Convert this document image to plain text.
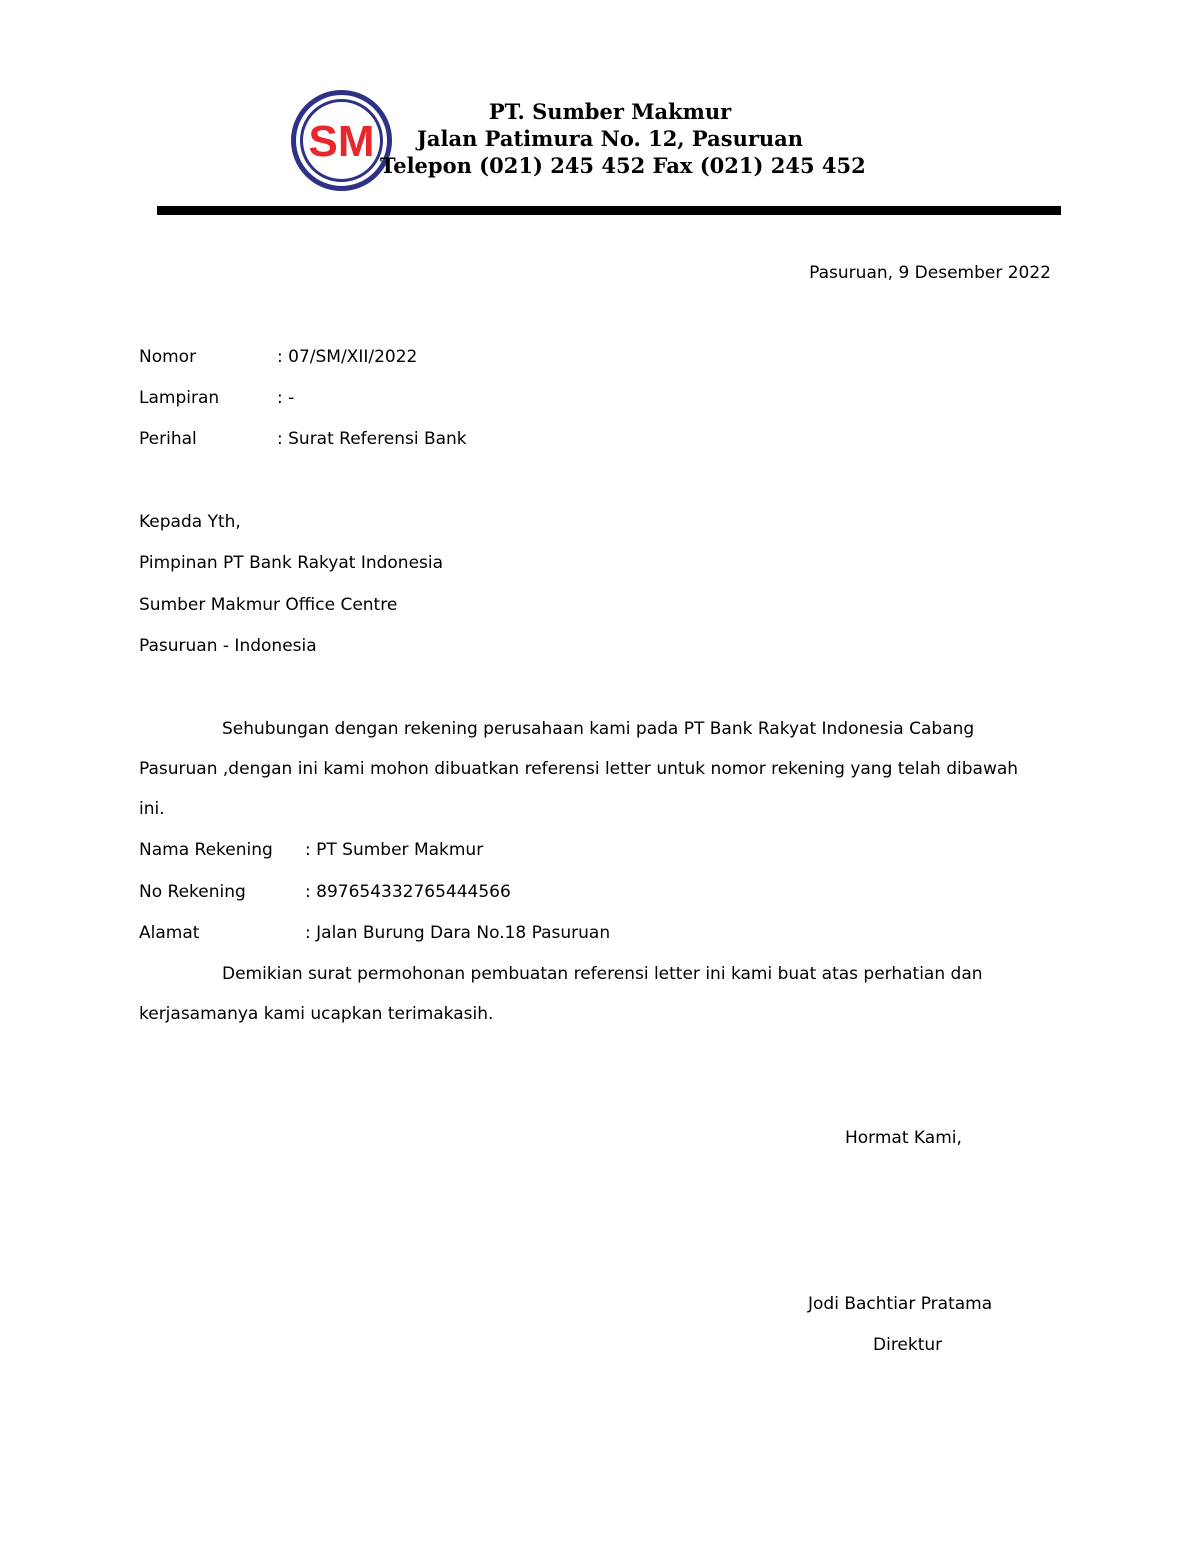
SM
PT. Sumber Makmur
Jalan Patimura No. 12, Pasuruan
Telepon (021) 245 452 Fax (021) 245 452
Pasuruan, 9 Desember 2022
Nomor	: 07/SM/XII/2022
Lampiran	: -
Perihal	: Surat Referensi Bank
Kepada Yth,
Pimpinan PT Bank Rakyat Indonesia
Sumber Makmur Office Centre
Pasuruan - Indonesia
Sehubungan dengan rekening perusahaan kami pada PT Bank Rakyat Indonesia Cabang
Pasuruan ,dengan ini kami mohon dibuatkan referensi letter untuk nomor rekening yang telah dibawah
ini.
Nama Rekening : PT Sumber Makmur
No Rekening	: 897654332765444566
Alamat	: Jalan Burung Dara No.18 Pasuruan
Demikian surat permohonan pembuatan referensi letter ini kami buat atas perhatian dan
kerjasamanya kami ucapkan terimakasih.
Hormat Kami,
Jodi Bachtiar Pratama
Direktur
